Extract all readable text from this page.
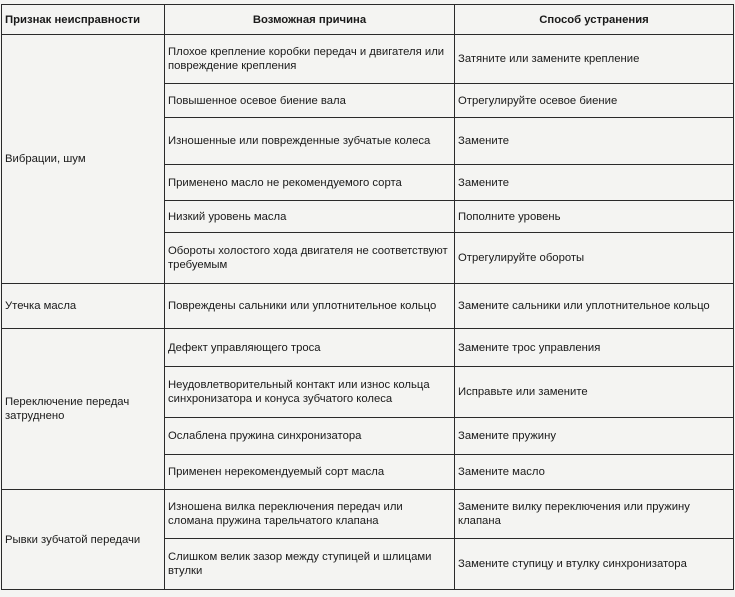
Признак неисправности	Возможная причина	Способ устранения
Вибрации, шум	Плохое крепление коробки передач и двигателя или повреждение крепления	Затяните или замените крепление
	Повышенное осевое биение вала	Отрегулируйте осевое биение
	Изношенные или поврежденные зубчатые колеса	Замените
	Применено масло не рекомендуемого сорта	Замените
	Низкий уровень масла	Пополните уровень
	Обороты холостого хода двигателя не соответствуют требуемым	Отрегулируйте обороты
Утечка масла	Повреждены сальники или уплотнительное кольцо	Замените сальники или уплотнительное кольцо
Переключение передач затруднено	Дефект управляющего троса	Замените трос управления
	Неудовлетворительный контакт или износ кольца синхронизатора и конуса зубчатого колеса	Исправьте или замените
	Ослаблена пружина синхронизатора	Замените пружину
	Применен нерекомендуемый сорт масла	Замените масло
Рывки зубчатой передачи	Изношена вилка переключения передач или сломана пружина тарельчатого клапана	Замените вилку переключения или пружину клапана
	Слишком велик зазор между ступицей и шлицами втулки	Замените ступицу и втулку синхронизатора
